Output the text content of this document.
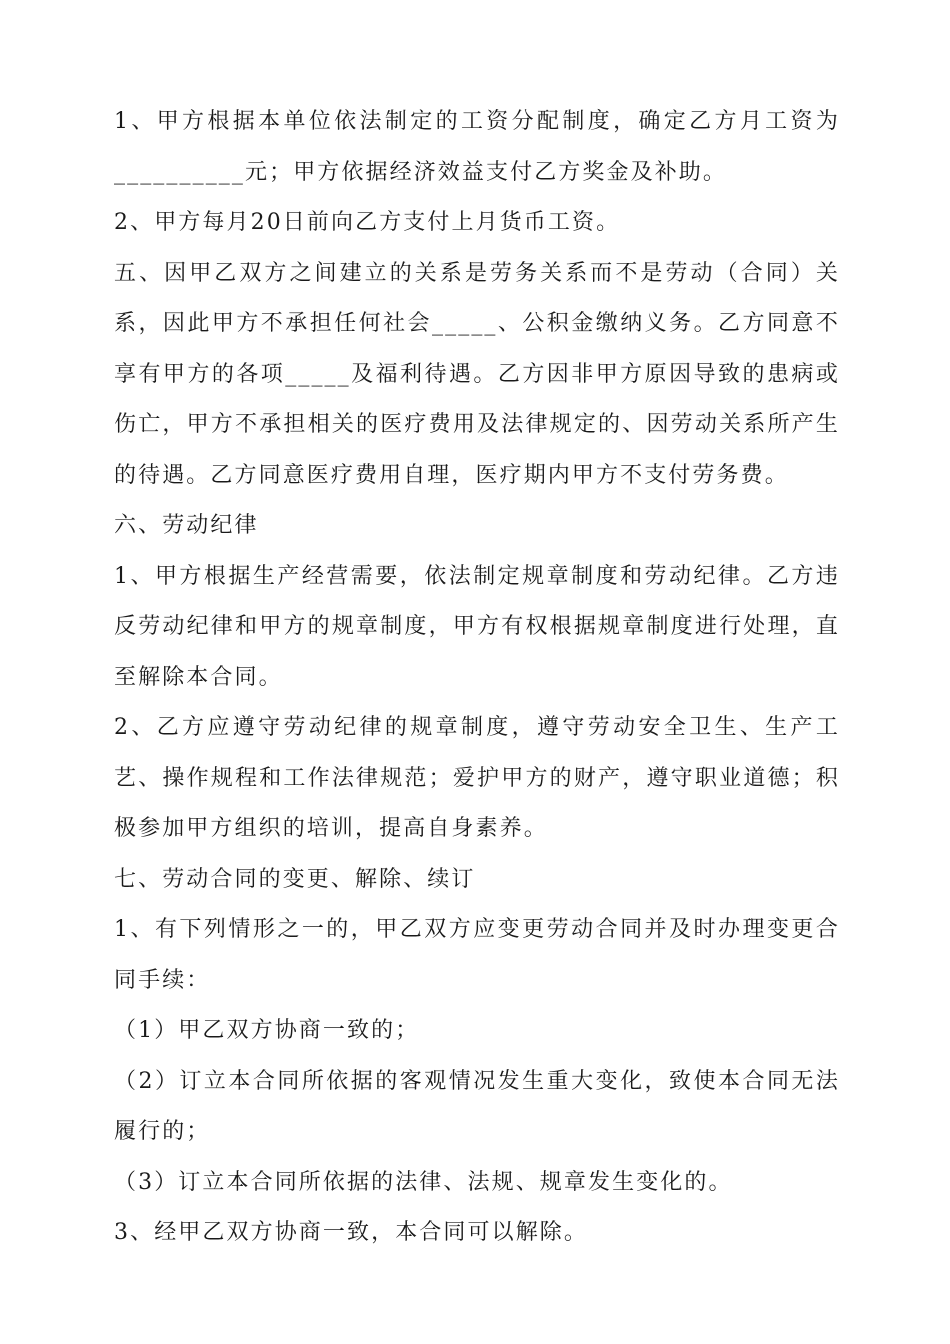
1、甲方根据本单位依法制定的工资分配制度，确定乙方月工资为__________元；甲方依据经济效益支付乙方奖金及补助。

2、甲方每月20日前向乙方支付上月货币工资。

五、因甲乙双方之间建立的关系是劳务关系而不是劳动（合同）关系，因此甲方不承担任何社会_____、公积金缴纳义务。乙方同意不享有甲方的各项_____及福利待遇。乙方因非甲方原因导致的患病或伤亡，甲方不承担相关的医疗费用及法律规定的、因劳动关系所产生的待遇。乙方同意医疗费用自理，医疗期内甲方不支付劳务费。

六、劳动纪律

1、甲方根据生产经营需要，依法制定规章制度和劳动纪律。乙方违反劳动纪律和甲方的规章制度，甲方有权根据规章制度进行处理，直至解除本合同。

2、乙方应遵守劳动纪律的规章制度，遵守劳动安全卫生、生产工艺、操作规程和工作法律规范；爱护甲方的财产，遵守职业道德；积极参加甲方组织的培训，提高自身素养。

七、劳动合同的变更、解除、续订

1、有下列情形之一的，甲乙双方应变更劳动合同并及时办理变更合同手续：

（1）甲乙双方协商一致的；

（2）订立本合同所依据的客观情况发生重大变化，致使本合同无法履行的；

（3）订立本合同所依据的法律、法规、规章发生变化的。

3、经甲乙双方协商一致，本合同可以解除。
